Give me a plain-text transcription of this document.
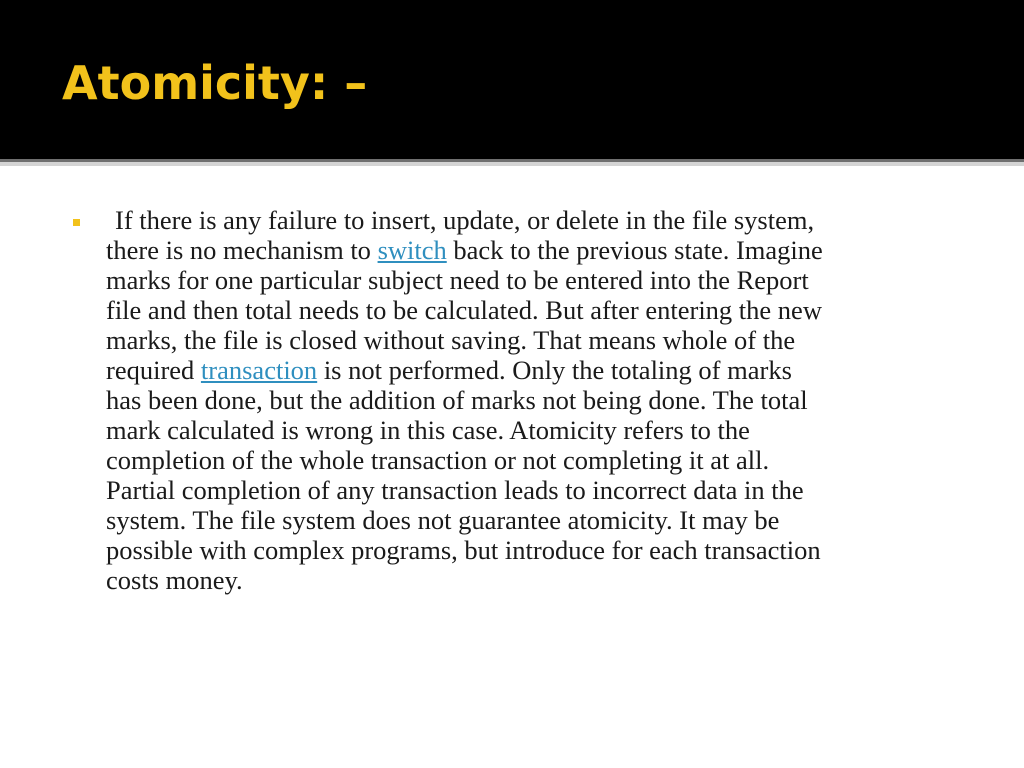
Atomicity: –

If there is any failure to insert, update, or delete in the file system,
there is no mechanism to switch back to the previous state. Imagine
marks for one particular subject need to be entered into the Report
file and then total needs to be calculated. But after entering the new
marks, the file is closed without saving. That means whole of the
required transaction is not performed. Only the totaling of marks
has been done, but the addition of marks not being done. The total
mark calculated is wrong in this case. Atomicity refers to the
completion of the whole transaction or not completing it at all.
Partial completion of any transaction leads to incorrect data in the
system. The file system does not guarantee atomicity. It may be
possible with complex programs, but introduce for each transaction
costs money.
